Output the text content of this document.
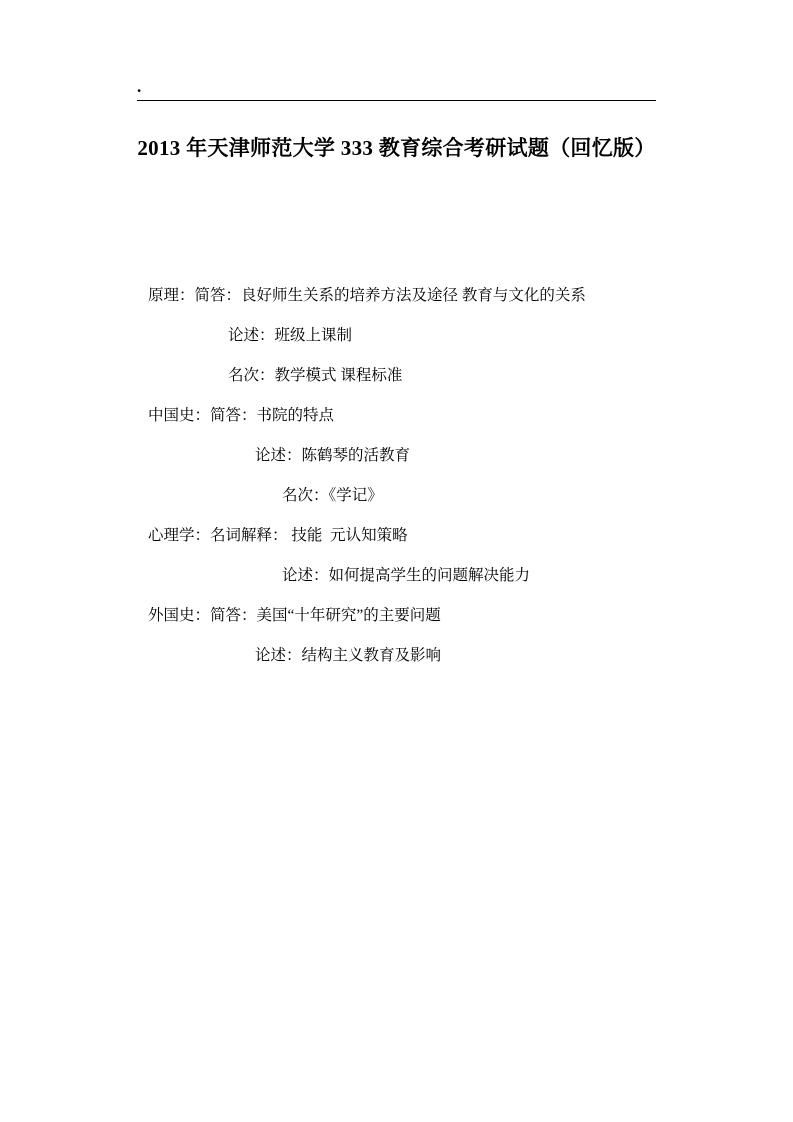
.
2013 年天津师范大学 333 教育综合考研试题（回忆版）
原理：简答：良好师生关系的培养方法及途径 教育与文化的关系
论述：班级上课制
名次：教学模式 课程标准
中国史：简答：书院的特点
论述：陈鹤琴的活教育
名次：《学记》
心理学：名词解释： 技能  元认知策略
论述：如何提高学生的问题解决能力
外国史：简答：美国“十年研究”的主要问题
论述：结构主义教育及影响
